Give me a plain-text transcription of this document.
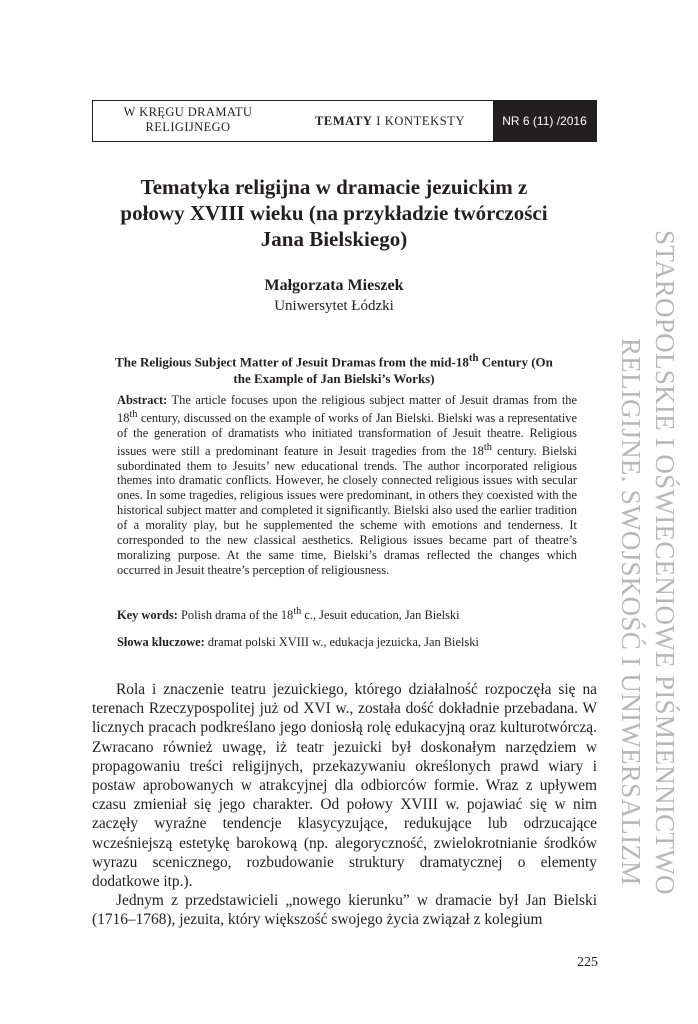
W KRĘGU DRAMATU RELIGIJNEGO	TEMATY I KONTEKSTY	NR 6 (11) /2016
Tematyka religijna w dramacie jezuickim z połowy XVIII wieku (na przykładzie twórczości Jana Bielskiego)
Małgorzata Mieszek
Uniwersytet Łódzki
The Religious Subject Matter of Jesuit Dramas from the mid-18th Century (On the Example of Jan Bielski’s Works)
Abstract: The article focuses upon the religious subject matter of Jesuit dramas from the 18th century, discussed on the example of works of Jan Bielski. Bielski was a representative of the generation of dramatists who initiated transformation of Jesuit theatre. Religious issues were still a predominant feature in Jesuit tragedies from the 18th century. Bielski subordinated them to Jesuits’ new educational trends. The author incorporated religious themes into dramatic conflicts. However, he closely connected religious issues with secular ones. In some tragedies, religious issues were predominant, in others they coexisted with the historical subject matter and completed it significantly. Bielski also used the earlier tradition of a morality play, but he supplemented the scheme with emotions and tenderness. It corresponded to the new classical aesthetics. Religious issues became part of theatre’s moralizing purpose. At the same time, Bielski’s dramas reflected the changes which occurred in Jesuit theatre’s perception of religiousness.
Key words: Polish drama of the 18th c., Jesuit education, Jan Bielski
Słowa kluczowe: dramat polski XVIII w., edukacja jezuicka, Jan Bielski

Rola i znaczenie teatru jezuickiego, którego działalność rozpoczęła się na terenach Rzeczypospolitej już od XVI w., została dość dokładnie przebadana. W licznych pracach podkreślano jego doniosłą rolę edukacyjną oraz kulturotwórczą. Zwracano również uwagę, iż teatr jezuicki był doskonałym narzędziem w propagowaniu treści religijnych, przekazywaniu określonych prawd wiary i postaw aprobowanych w atrakcyjnej dla odbiorców formie. Wraz z upływem czasu zmieniał się jego charakter. Od połowy XVIII w. pojawiać się w nim zaczęły wyraźne tendencje klasycyzujące, redukujące lub odrzucające wcześniejszą estetykę barokową (np. alegoryczność, zwielokrotnianie środków wyrazu scenicznego, rozbudowanie struktury dramatycznej o elementy dodatkowe itp.).

Jednym z przedstawicieli „nowego kierunku” w dramacie był Jan Bielski (1716–1768), jezuita, który większość swojego życia związał z kolegium

225
STAROPOLSKIE I OŚWIECENIOWE PIŚMIENNICTWO
RELIGIJNE. SWOJSKOŚĆ I UNIWERSALIZM
